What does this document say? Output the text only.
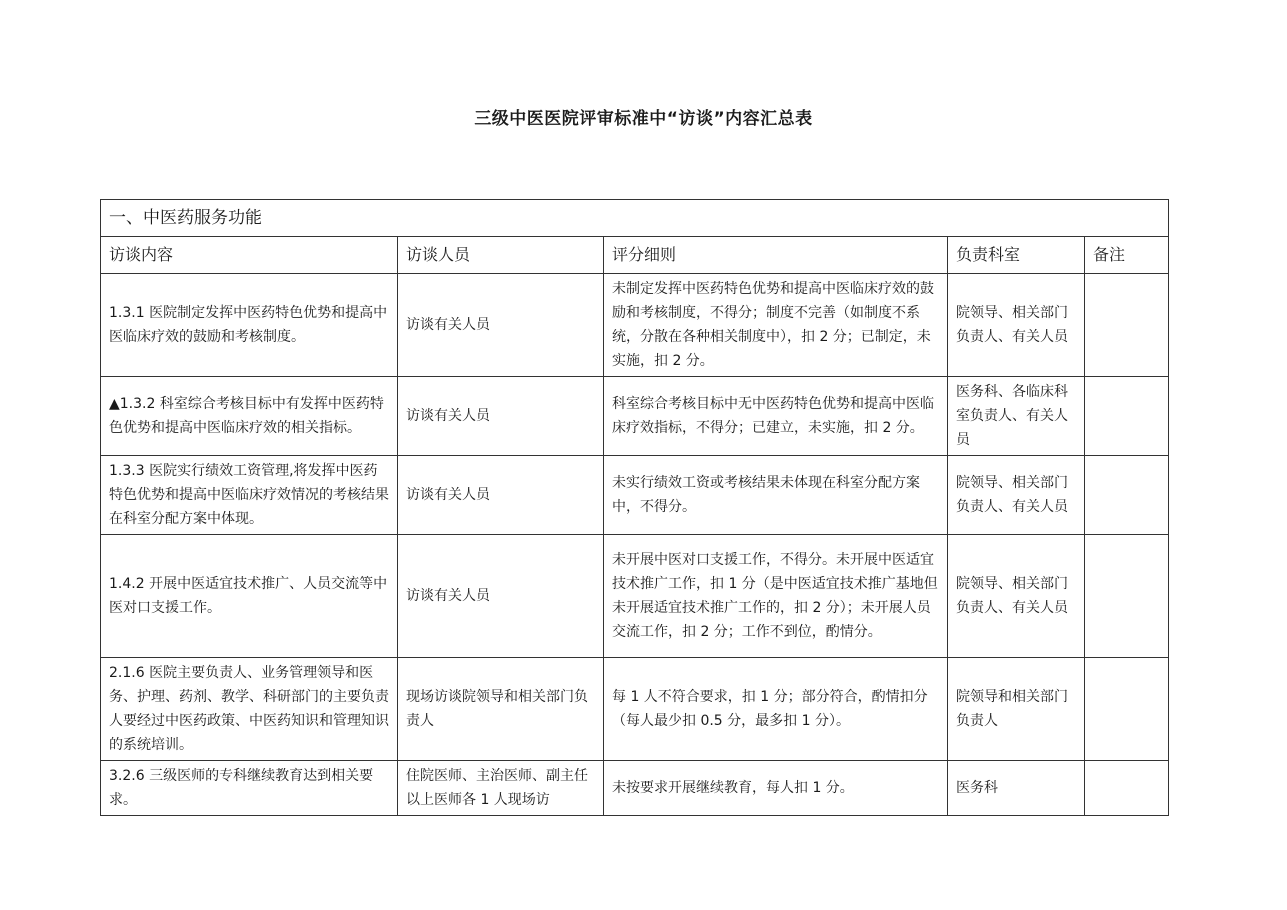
三级中医医院评审标准中“访谈”内容汇总表
一、中医药服务功能				
访谈内容	访谈人员	评分细则	负责科室	备注
1.3.1 医院制定发挥中医药特色优势和提高中医临床疗效的鼓励和考核制度。	访谈有关人员	未制定发挥中医药特色优势和提高中医临床疗效的鼓励和考核制度，不得分；制度不完善（如制度不系统，分散在各种相关制度中），扣 2 分；已制定，未实施，扣 2 分。	院领导、相关部门负责人、有关人员	
▲1.3.2 科室综合考核目标中有发挥中医药特色优势和提高中医临床疗效的相关指标。	访谈有关人员	科室综合考核目标中无中医药特色优势和提高中医临床疗效指标，不得分；已建立，未实施，扣 2 分。	医务科、各临床科室负责人、有关人员	
1.3.3 医院实行绩效工资管理,将发挥中医药特色优势和提高中医临床疗效情况的考核结果在科室分配方案中体现。	访谈有关人员	未实行绩效工资或考核结果未体现在科室分配方案中，不得分。	院领导、相关部门负责人、有关人员	
1.4.2 开展中医适宜技术推广、人员交流等中医对口支援工作。	访谈有关人员	未开展中医对口支援工作，不得分。未开展中医适宜技术推广工作，扣 1 分（是中医适宜技术推广基地但未开展适宜技术推广工作的，扣 2 分）；未开展人员交流工作，扣 2 分；工作不到位，酌情分。	院领导、相关部门负责人、有关人员	
2.1.6 医院主要负责人、业务管理领导和医务、护理、药剂、教学、科研部门的主要负责人要经过中医药政策、中医药知识和管理知识的系统培训。	现场访谈院领导和相关部门负责人	每 1 人不符合要求，扣 1 分；部分符合，酌情扣分（每人最少扣 0.5 分，最多扣 1 分）。	院领导和相关部门负责人	
3.2.6 三级医师的专科继续教育达到相关要求。	住院医师、主治医师、副主任以上医师各 1 人现场访	未按要求开展继续教育，每人扣 1 分。	医务科	
